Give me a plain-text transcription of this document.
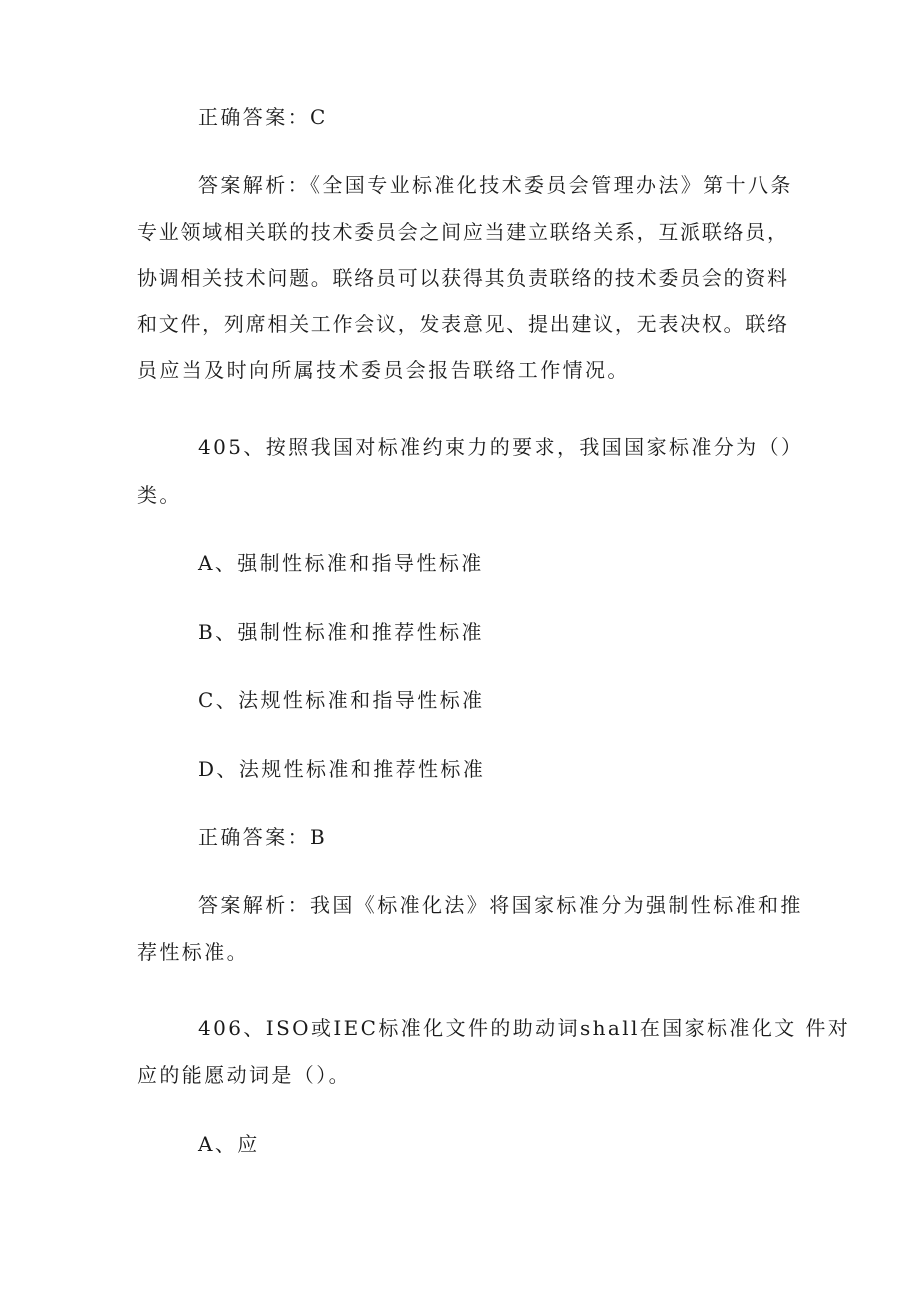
正确答案：C
答案解析：《全国专业标准化技术委员会管理办法》第十八条
专业领域相关联的技术委员会之间应当建立联络关系，互派联络员，
协调相关技术问题。联络员可以获得其负责联络的技术委员会的资料
和文件，列席相关工作会议，发表意见、提出建议，无表决权。联络
员应当及时向所属技术委员会报告联络工作情况。
405、按照我国对标准约束力的要求，我国国家标准分为（）
类。
A、强制性标准和指导性标准
B、强制性标准和推荐性标准
C、法规性标准和指导性标准
D、法规性标准和推荐性标准
正确答案：B
答案解析：我国《标准化法》将国家标准分为强制性标准和推
荐性标准。
406、ISO或IEC标准化文件的助动词shall在国家标准化文 件对
应的能愿动词是（）。
A、应
